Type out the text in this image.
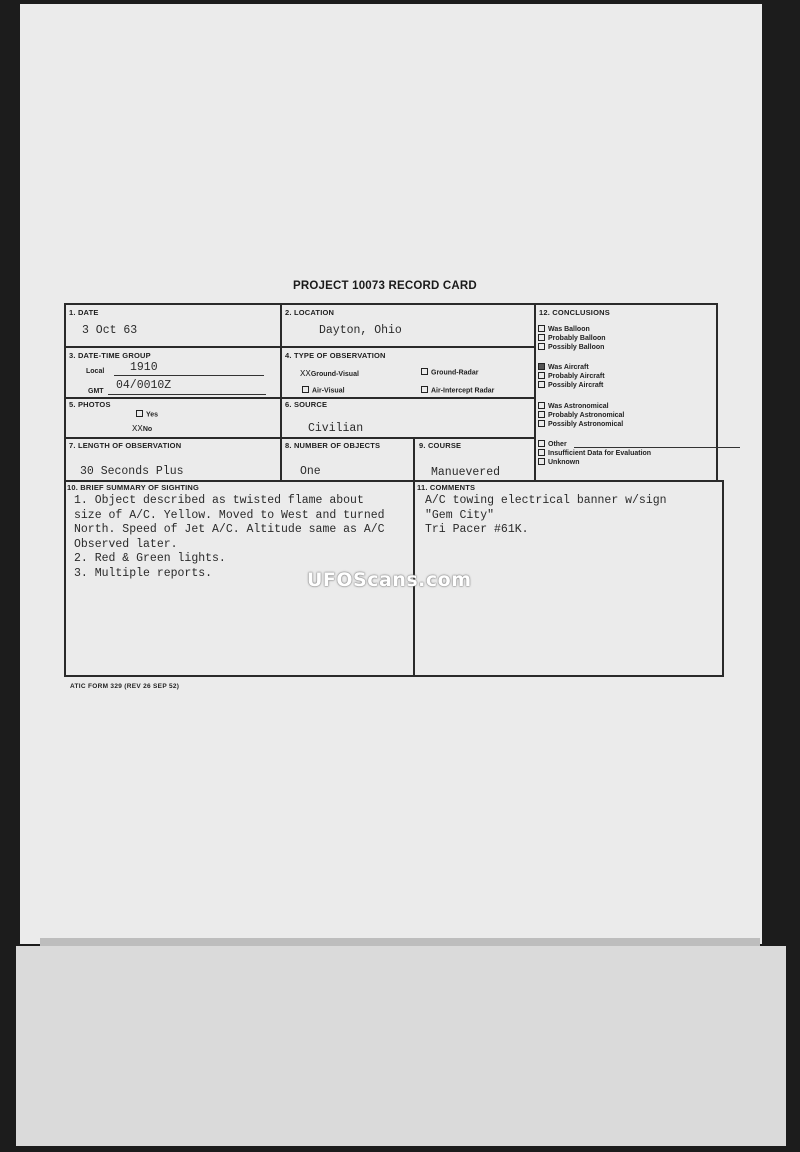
PROJECT 10073 RECORD CARD
1. DATE
3 Oct 63
2. LOCATION
Dayton, Ohio
3. DATE-TIME GROUP
Local 1910
GMT 04/0010Z
4. TYPE OF OBSERVATION
XXGround-Visual	Ground-Radar
Air-Visual	Air-Intercept Radar
5. PHOTOS
Yes
XXNo
6. SOURCE
Civilian
7. LENGTH OF OBSERVATION
30 Seconds Plus
8. NUMBER OF OBJECTS
One
9. COURSE
Manuevered
10. BRIEF SUMMARY OF SIGHTING
1. Object described as twisted flame about
size of A/C. Yellow. Moved to West and turned
North. Speed of Jet A/C. Altitude same as A/C
Observed later.
2. Red & Green lights.
3. Multiple reports.
11. COMMENTS
A/C towing electrical banner w/sign
"Gem City"
Tri Pacer #61K.
12. CONCLUSIONS
Was Balloon
Probably Balloon
Possibly Balloon
Was Aircraft
Probably Aircraft
Possibly Aircraft
Was Astronomical
Probably Astronomical
Possibly Astronomical
Other
Insufficient Data for Evaluation
Unknown
UFOScans.com
ATIC FORM 329 (REV 26 SEP 52)
